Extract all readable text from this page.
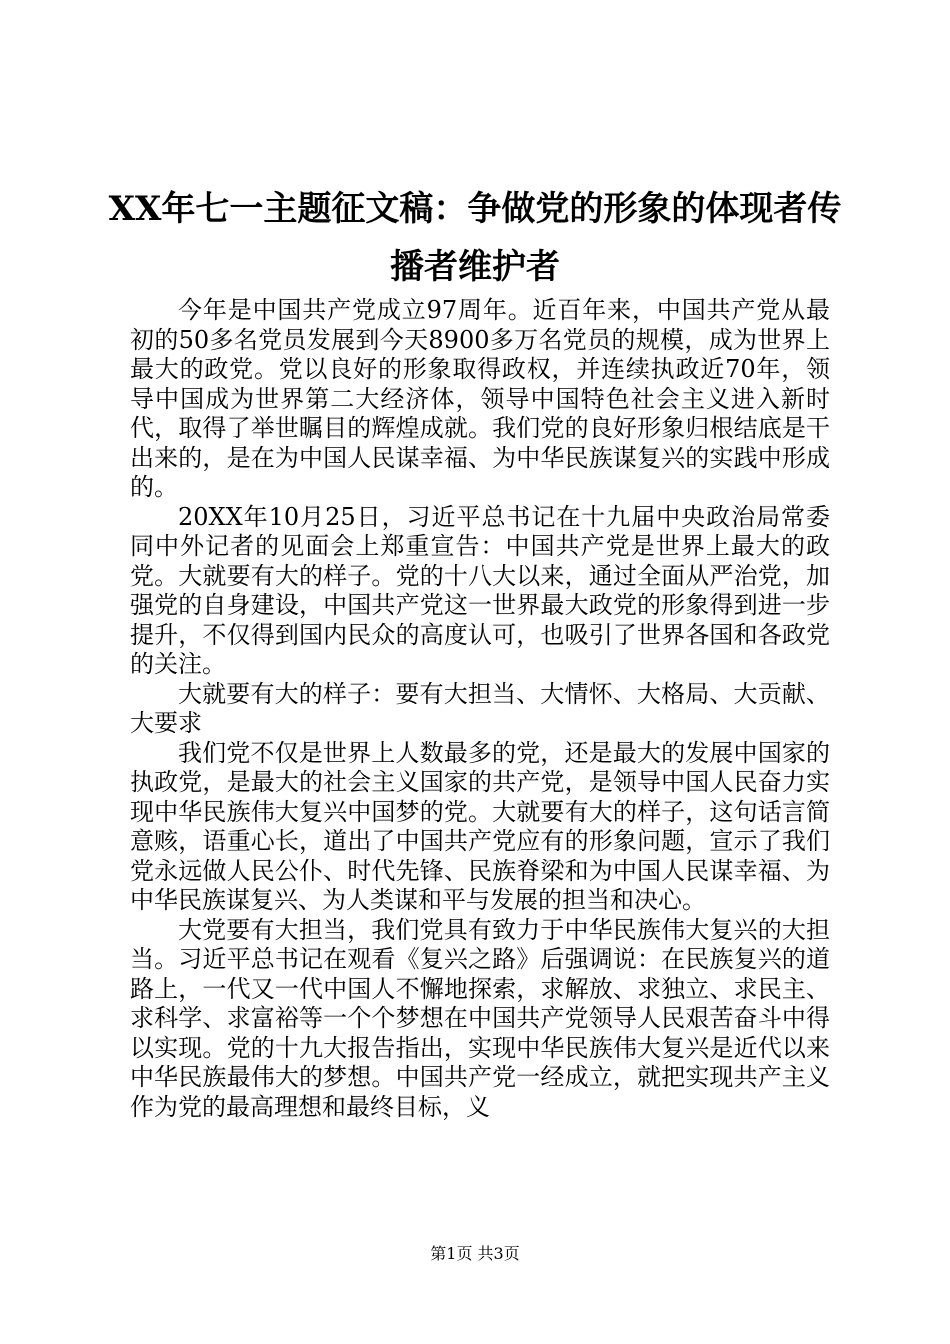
XX年七一主题征文稿：争做党的形象的体现者传播者维护者

今年是中国共产党成立97周年。近百年来，中国共产党从最初的50多名党员发展到今天8900多万名党员的规模，成为世界上最大的政党。党以良好的形象取得政权，并连续执政近70年，领导中国成为世界第二大经济体，领导中国特色社会主义进入新时代，取得了举世瞩目的辉煌成就。我们党的良好形象归根结底是干出来的，是在为中国人民谋幸福、为中华民族谋复兴的实践中形成的。

20XX年10月25日，习近平总书记在十九届中央政治局常委同中外记者的见面会上郑重宣告：中国共产党是世界上最大的政党。大就要有大的样子。党的十八大以来，通过全面从严治党，加强党的自身建设，中国共产党这一世界最大政党的形象得到进一步提升，不仅得到国内民众的高度认可，也吸引了世界各国和各政党的关注。

大就要有大的样子：要有大担当、大情怀、大格局、大贡献、大要求

我们党不仅是世界上人数最多的党，还是最大的发展中国家的执政党，是最大的社会主义国家的共产党，是领导中国人民奋力实现中华民族伟大复兴中国梦的党。大就要有大的样子，这句话言简意赅，语重心长，道出了中国共产党应有的形象问题，宣示了我们党永远做人民公仆、时代先锋、民族脊梁和为中国人民谋幸福、为中华民族谋复兴、为人类谋和平与发展的担当和决心。

大党要有大担当，我们党具有致力于中华民族伟大复兴的大担当。习近平总书记在观看《复兴之路》后强调说：在民族复兴的道路上，一代又一代中国人不懈地探索，求解放、求独立、求民主、求科学、求富裕等一个个梦想在中国共产党领导人民艰苦奋斗中得以实现。党的十九大报告指出，实现中华民族伟大复兴是近代以来中华民族最伟大的梦想。中国共产党一经成立，就把实现共产主义作为党的最高理想和最终目标，义

第1页 共3页
